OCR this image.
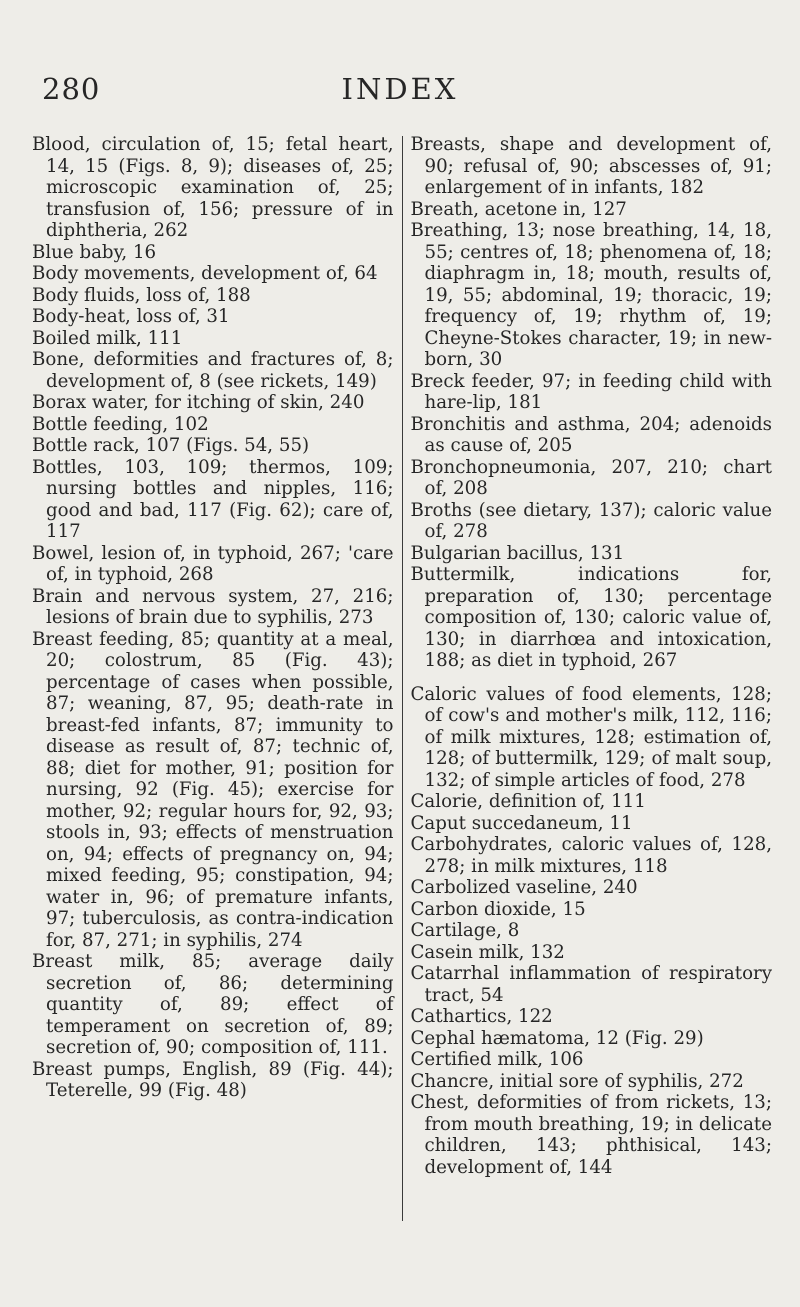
280	INDEX

Blood, circulation of, 15; fetal heart, 14, 15 (Figs. 8, 9); diseases of, 25; microscopic examination of, 25; transfusion of, 156; pressure of in diphtheria, 262

Blue baby, 16

Body movements, development of, 64

Body fluids, loss of, 188

Body-heat, loss of, 31

Boiled milk, 111

Bone, deformities and fractures of, 8; development of, 8 (see rickets, 149)

Borax water, for itching of skin, 240

Bottle feeding, 102

Bottle rack, 107 (Figs. 54, 55)

Bottles, 103, 109; thermos, 109; nursing bottles and nipples, 116; good and bad, 117 (Fig. 62); care of, 117

Bowel, lesion of, in typhoid, 267; 'care of, in typhoid, 268

Brain and nervous system, 27, 216; lesions of brain due to syphilis, 273

Breast feeding, 85; quantity at a meal, 20; colostrum, 85 (Fig. 43); percentage of cases when possible, 87; weaning, 87, 95; death-rate in breast-fed infants, 87; immunity to disease as result of, 87; technic of, 88; diet for mother, 91; position for nursing, 92 (Fig. 45); exercise for mother, 92; regular hours for, 92, 93; stools in, 93; effects of menstruation on, 94; effects of pregnancy on, 94; mixed feeding, 95; constipation, 94; water in, 96; of premature infants, 97; tuberculosis, as contra-indication for, 87, 271; in syphilis, 274

Breast milk, 85; average daily secretion of, 86; determining quantity of, 89; effect of temperament on secretion of, 89; secretion of, 90; composition of, 111.

Breast pumps, English, 89 (Fig. 44); Teterelle, 99 (Fig. 48)

Breasts, shape and development of, 90; refusal of, 90; abscesses of, 91; enlargement of in infants, 182

Breath, acetone in, 127

Breathing, 13; nose breathing, 14, 18, 55; centres of, 18; phenomena of, 18; diaphragm in, 18; mouth, results of, 19, 55; abdominal, 19; thoracic, 19; frequency of, 19; rhythm of, 19; Cheyne-Stokes character, 19; in new-born, 30

Breck feeder, 97; in feeding child with hare-lip, 181

Bronchitis and asthma, 204; adenoids as cause of, 205

Bronchopneumonia, 207, 210; chart of, 208

Broths (see dietary, 137); caloric value of, 278

Bulgarian bacillus, 131

Buttermilk, indications for, preparation of, 130; percentage composition of, 130; caloric value of, 130; in diarrhœa and intoxication, 188; as diet in typhoid, 267

Caloric values of food elements, 128; of cow's and mother's milk, 112, 116; of milk mixtures, 128; estimation of, 128; of buttermilk, 129; of malt soup, 132; of simple articles of food, 278

Calorie, definition of, 111

Caput succedaneum, 11

Carbohydrates, caloric values of, 128, 278; in milk mixtures, 118

Carbolized vaseline, 240

Carbon dioxide, 15

Cartilage, 8

Casein milk, 132

Catarrhal inflammation of respiratory tract, 54

Cathartics, 122

Cephal hæmatoma, 12 (Fig. 29)

Certified milk, 106

Chancre, initial sore of syphilis, 272

Chest, deformities of from rickets, 13; from mouth breathing, 19; in delicate children, 143; phthisical, 143; development of, 144
